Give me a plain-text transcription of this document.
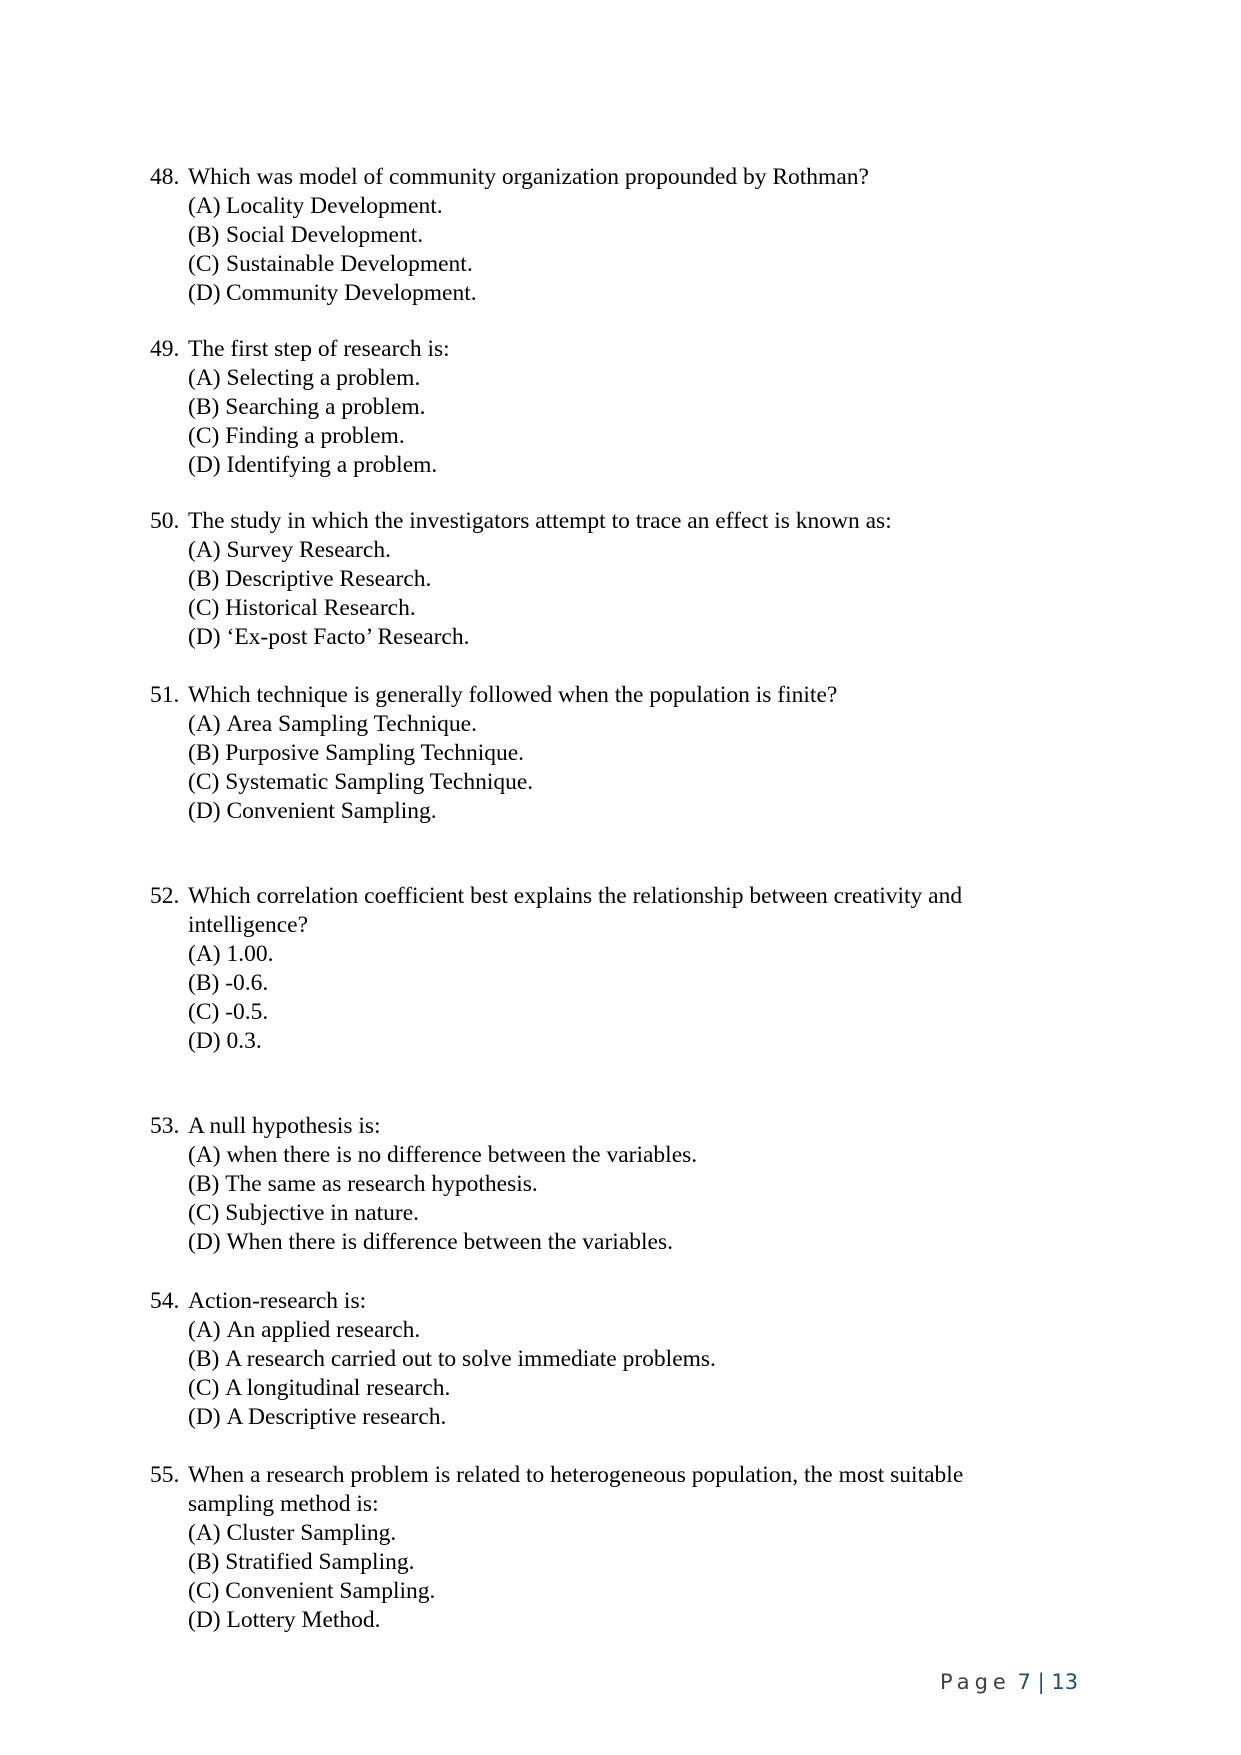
48. Which was model of community organization propounded by Rothman?
(A) Locality Development.
(B) Social Development.
(C) Sustainable Development.
(D) Community Development.
49. The first step of research is:
(A)
Selecting a problem.
(B)
Searching a problem.
(C)
Finding a problem.
(D)
Identifying a problem.
50. The study in which the investigators attempt to trace an effect is known as:
(A)
Survey Research.
(B)
Descriptive Research.
(C)
Historical Research.
(D)
‘Ex-post Facto’ Research.
51. Which technique is generally followed when the population is finite?
(A)
Area Sampling Technique.
(B)
Purposive Sampling Technique.
(C)
Systematic Sampling Technique.
(D)
Convenient Sampling.
52. Which correlation coefficient best explains the relationship between creativity and intelligence?
(A)
1.00.
(B)
-0.6.
(C)
-0.5.
(D)
0.3.
53. A null hypothesis is:
(A)
when there is no difference between the variables.
(B)
The same as research hypothesis.
(C)
Subjective in nature.
(D)
When there is difference between the variables.
54. Action-research is:
(A)
An applied research.
(B)
A research carried out to solve immediate problems.
(C)
A longitudinal research.
(D)
A Descriptive research.
55. When a research problem is related to heterogeneous population, the most suitable sampling method is:
(A)
Cluster Sampling.
(B)
Stratified Sampling.
(C)
Convenient Sampling.
(D)
Lottery Method.
Page 7 | 13
